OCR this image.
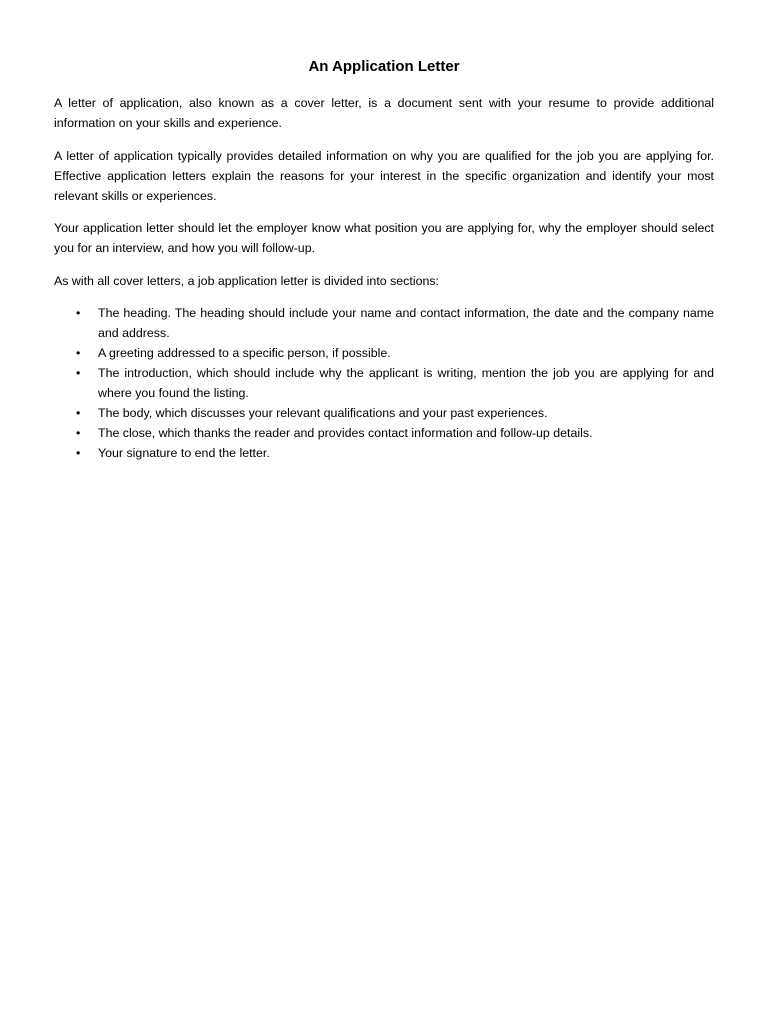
An Application Letter

A letter of application, also known as a cover letter, is a document sent with your resume to provide additional information on your skills and experience.

A letter of application typically provides detailed information on why you are qualified for the job you are applying for. Effective application letters explain the reasons for your interest in the specific organization and identify your most relevant skills or experiences.

Your application letter should let the employer know what position you are applying for, why the employer should select you for an interview, and how you will follow-up.

As with all cover letters, a job application letter is divided into sections:

• The heading. The heading should include your name and contact information, the date and the company name and address.
• A greeting addressed to a specific person, if possible.
• The introduction, which should include why the applicant is writing, mention the job you are applying for and where you found the listing.
• The body, which discusses your relevant qualifications and your past experiences.
• The close, which thanks the reader and provides contact information and follow-up details.
• Your signature to end the letter.
